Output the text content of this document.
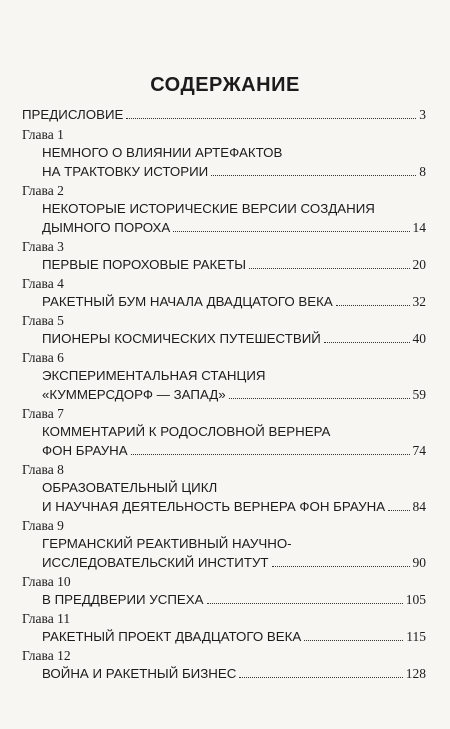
СОДЕРЖАНИЕ
ПРЕДИСЛОВИЕ	3
Глава 1
НЕМНОГО О ВЛИЯНИИ АРТЕФАКТОВ
НА ТРАКТОВКУ ИСТОРИИ	8
Глава 2
НЕКОТОРЫЕ ИСТОРИЧЕСКИЕ ВЕРСИИ СОЗДАНИЯ
ДЫМНОГО ПОРОХА	14
Глава 3
ПЕРВЫЕ ПОРОХОВЫЕ РАКЕТЫ	20
Глава 4
РАКЕТНЫЙ БУМ НАЧАЛА ДВАДЦАТОГО ВЕКА	32
Глава 5
ПИОНЕРЫ КОСМИЧЕСКИХ ПУТЕШЕСТВИЙ	40
Глава 6
ЭКСПЕРИМЕНТАЛЬНАЯ СТАНЦИЯ
«КУММЕРСДОРФ — ЗАПАД»	59
Глава 7
КОММЕНТАРИЙ К РОДОСЛОВНОЙ ВЕРНЕРА
ФОН БРАУНА	74
Глава 8
ОБРАЗОВАТЕЛЬНЫЙ ЦИКЛ
И НАУЧНАЯ ДЕЯТЕЛЬНОСТЬ ВЕРНЕРА ФОН БРАУНА 84
Глава 9
ГЕРМАНСКИЙ РЕАКТИВНЫЙ НАУЧНО-
ИССЛЕДОВАТЕЛЬСКИЙ ИНСТИТУТ	90
Глава 10
В ПРЕДДВЕРИИ УСПЕХА	105
Глава 11
РАКЕТНЫЙ ПРОЕКТ ДВАДЦАТОГО ВЕКА	115
Глава 12
ВОЙНА И РАКЕТНЫЙ БИЗНЕС	128
